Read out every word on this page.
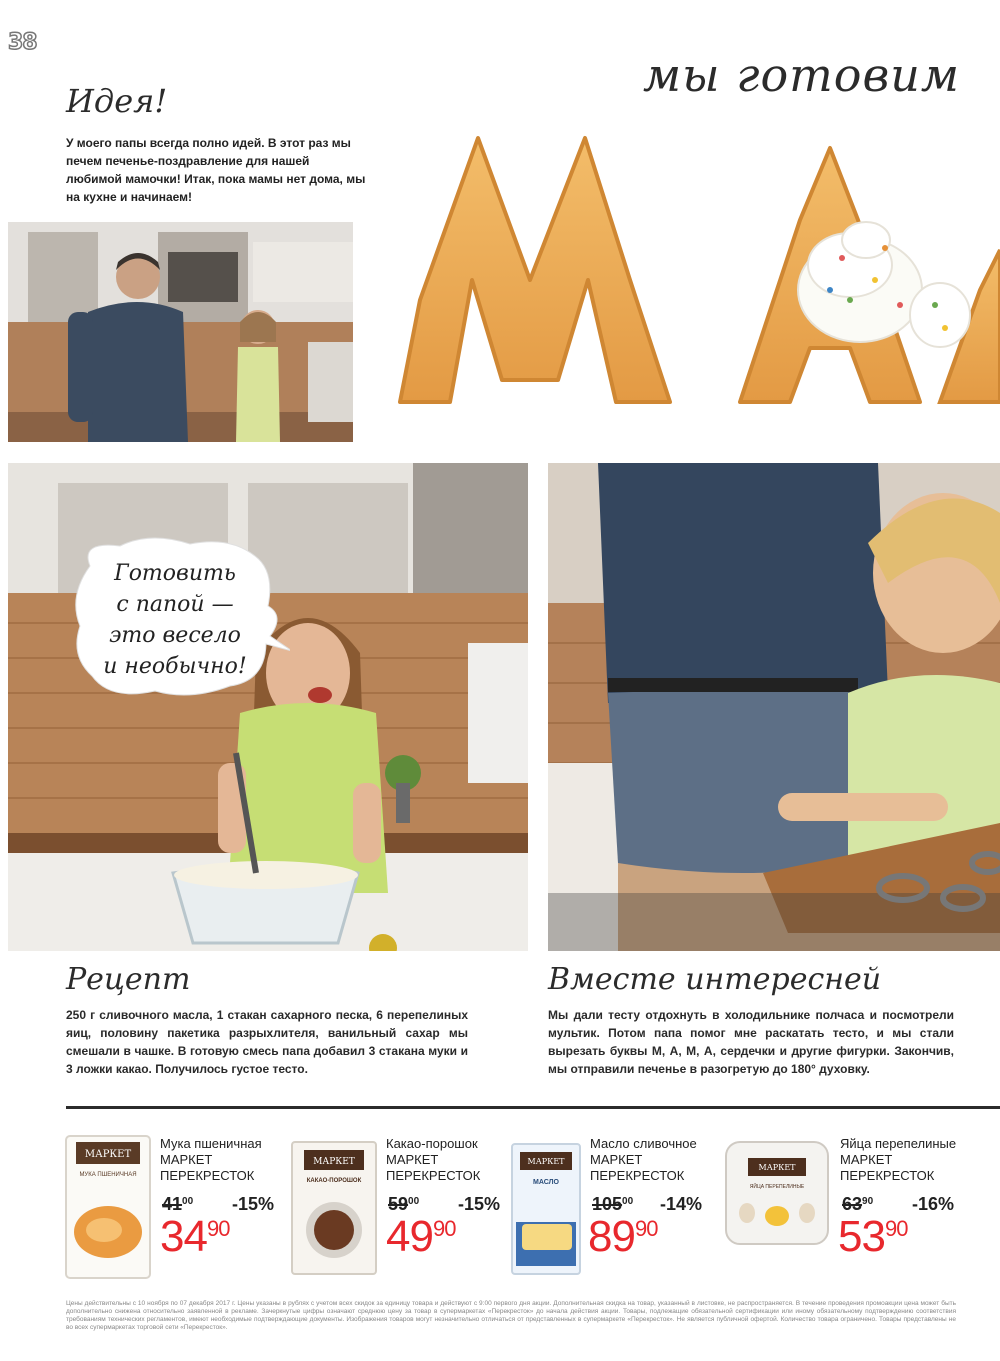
38
мы готовим
Идея!
У моего папы всегда полно идей. В этот раз мы печем печенье-поздравление для нашей любимой мамочки! Итак, пока мамы нет дома, мы на кухне и начинаем!
Готовить
с папой —
это весело
и необычно!
Рецепт
250 г сливочного масла, 1 стакан сахарного песка, 6 перепелиных яиц, половину пакетика разрыхлителя, ванильный сахар мы смешали в чашке. В готовую смесь папа добавил 3 стакана муки и 3 ложки какао. Получилось густое тесто.
Вместе интересней
Мы дали тесту отдохнуть в холодильнике полчаса и посмотрели мультик. Потом папа помог мне раскатать тесто, и мы стали вырезать буквы М, А, М, А, сердечки и другие фигурки. Закончив, мы отправили печенье в разогретую до 180° духовку.
МАРКЕТ
МУКА ПШЕНИЧНАЯ
Мука пшеничная МАРКЕТ ПЕРЕКРЕСТОК
$41^{00}$ -15%
$34^{90}$
МАРКЕТ
КАКАО-ПОРОШОК
Какао-порошок МАРКЕТ ПЕРЕКРЕСТОК
$59^{00}$ -15%
$49^{90}$
МАРКЕТ
МАСЛО
Масло сливочное МАРКЕТ ПЕРЕКРЕСТОК
$105^{00}$ -14%
$89^{90}$
МАРКЕТ
ЯЙЦА ПЕРЕПЕЛИНЫЕ
Яйца перепелиные МАРКЕТ ПЕРЕКРЕСТОК
$63^{90}$ -16%
$53^{90}$
Цены действительны с 10 ноября по 07 декабря 2017 г. Цены указаны в рублях с учетом всех скидок за единицу товара и действуют с 9:00 первого дня акции. Дополнительная скидка на товар, указанный в листовке, не распространяется. В течение проведения промоакции цена может быть дополнительно снижена относительно заявленной в рекламе. Зачеркнутые цифры означают среднюю цену за товар в супермаркетах «Перекресток» до начала действия акции. Товары, подлежащие обязательной сертификации или иному обязательному подтверждению соответствия требованиям технических регламентов, имеют необходимые подтверждающие документы. Изображения товаров могут незначительно отличаться от представленных в супермаркете «Перекресток». Не является публичной офертой. Количество товара ограничено. Товары представлены не во всех супермаркетах торговой сети «Перекресток».
